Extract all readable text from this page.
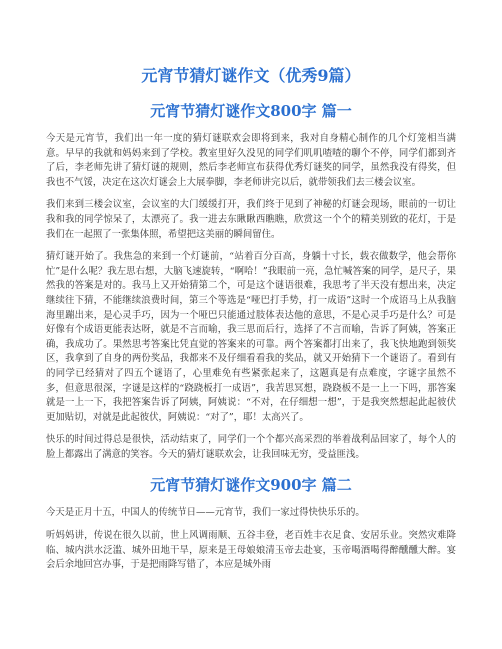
元宵节猜灯谜作文（优秀9篇）
元宵节猜灯谜作文800字 篇一

今天是元宵节，我们出一年一度的猜灯谜联欢会即将到来，我对自身精心制作的几个灯笼相当满意。早早的我就和妈妈来到了学校。教室里好久没见的同学们叽叽喳喳的聊个不停，同学们都到齐了后，李老师先讲了猜灯谜的规则，然后李老师宣布获得优秀灯谜奖的同学，虽然我没有得奖，但我也不气馁，决定在这次灯谜会上大展拳脚，李老师讲完以后，就带领我们去三楼会议室。

我们来到三楼会议室，会议室的大门缓缓打开，我们终于见到了神秘的灯谜会现场，眼前的一切让我和我的同学惊呆了，太漂亮了。我一进去东瞅瞅西瞧瞧，欣赏这一个个的精美别致的花灯，于是我们在一起照了一张集体照，希望把这美丽的瞬间留住。

猜灯谜开始了。我焦急的来到一个灯谜前，“站着百分百高，身躺十寸长，载衣做数学，他会帮你忙”是什么呢？我左思右想，大脑飞速旋转，“啊哈！”我眼前一亮，急忙喊答案的同学，是尺子，果然我的答案是对的。我马上又开始猜第二个，可是这个谜语很难，我思考了半天没有想出来，决定继续往下猜，不能继续浪费时间，第三个等选是“哑巴打手势，打一成语”这时一个成语马上从我脑海里蹦出来，是心灵手巧，因为一个哑巴只能通过肢体表达他的意思，不是心灵手巧是什么？可是好像有个成语更能表达呀，就是不言而喻，我三思而后行，选择了不言而喻，告诉了阿姨，答案正确，我成功了。果然思考答案比凭直觉的答案来的可靠。两个答案都打出来了，我飞快地跑到领奖区，我拿到了自身的两份奖品，我都来不及仔细看看我的奖品，就又开始猜下一个谜语了。看到有的同学已经猜对了四五个谜语了，心里难免有些紧张起来了，这题真是有点难度，字谜字虽然不多，但意思很深，字谜是这样的“跷跷板打一成语”，我苦思冥想，跷跷板不是一上一下吗，那答案就是一上一下，我把答案告诉了阿姨，阿姨说：“不对，在仔细想一想”，于是我突然想起此起彼伏更加贴切，对就是此起彼伏，阿姨说：“对了”，耶！太高兴了。

快乐的时间过得总是很快，活动结束了，同学们一个个都兴高采烈的举着战利品回家了，每个人的脸上都露出了满意的笑容。今天的猜灯谜联欢会，让我回味无穷，受益匪浅。

元宵节猜灯谜作文900字 篇二

今天是正月十五，中国人的传统节日——元宵节，我们一家过得快快乐乐的。

听妈妈讲，传说在很久以前，世上风调雨顺、五谷丰登，老百姓丰衣足食、安居乐业。突然灾难降临、城内洪水泛滥、城外田地干旱，原来是王母娘娘清玉帝去赴宴，玉帝喝酒喝得醉醺醺大醉。宴会后余地回宫办事，于是把雨降写错了，本应是城外雨
